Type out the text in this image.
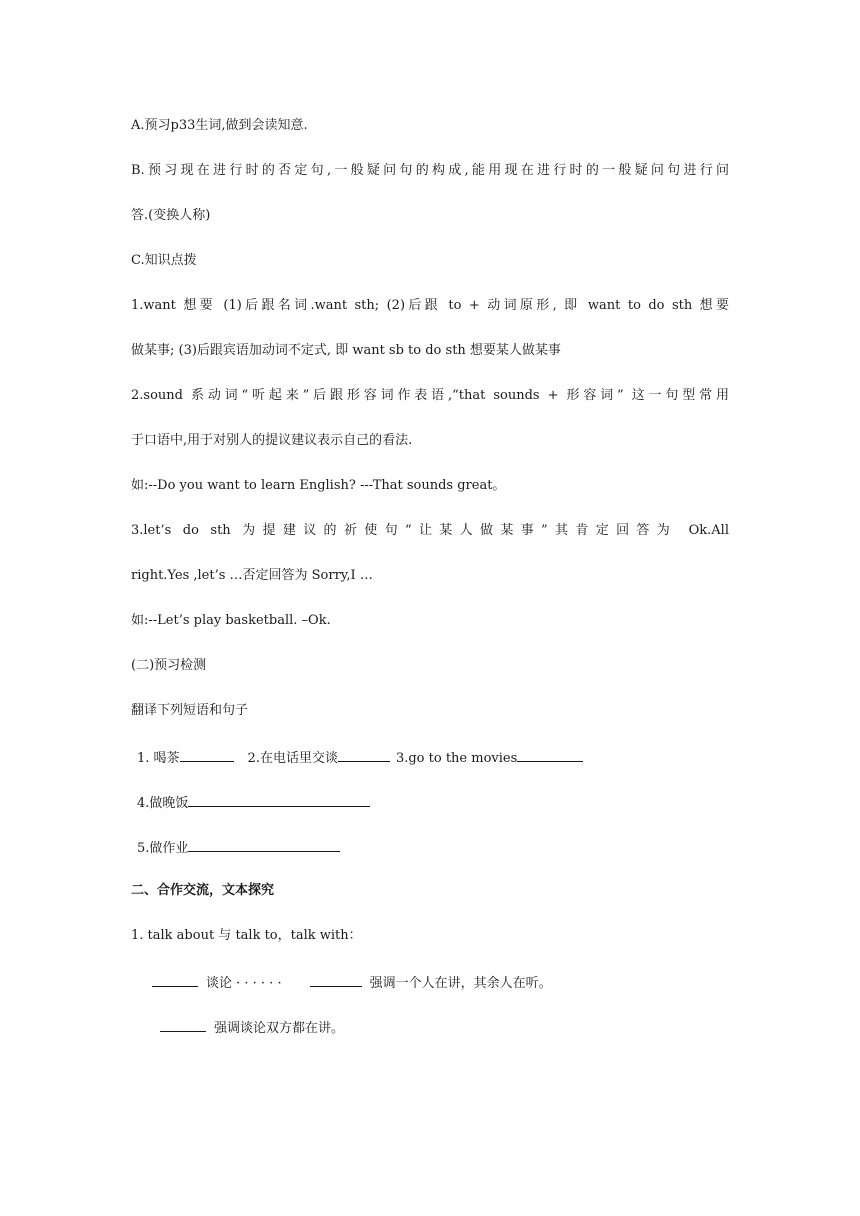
A.预习p33生词,做到会读知意.
B.预习现在进行时的否定句,一般疑问句的构成,能用现在进行时的一般疑问句进行问
答.(变换人称)
C.知识点拨
1.want 想要 (1)后跟名词.want sth; (2)后跟 to + 动词原形, 即 want to do sth 想要
做某事; (3)后跟宾语加动词不定式, 即 want sb to do sth 想要某人做某事
2.sound 系动词“听起来”后跟形容词作表语,“that sounds + 形容词” 这一句型常用
于口语中,用于对别人的提议建议表示自己的看法.
如:--Do you want to learn English? ---That sounds great。
3.let’s do sth 为提建议的祈使句“让某人做某事”其肯定回答为 Ok.All
right.Yes ,let’s …否定回答为 Sorry,I …
如:--Let’s play basketball. –Ok.
(二)预习检测
翻译下列短语和句子
1. 喝茶	2.在电话里交谈	3.go to the movies
4.做晚饭
5.做作业
二、合作交流，文本探究
1. talk about 与 talk to，talk with：
谈论 · · · · · ·	强调一个人在讲，其余人在听。
强调谈论双方都在讲。
